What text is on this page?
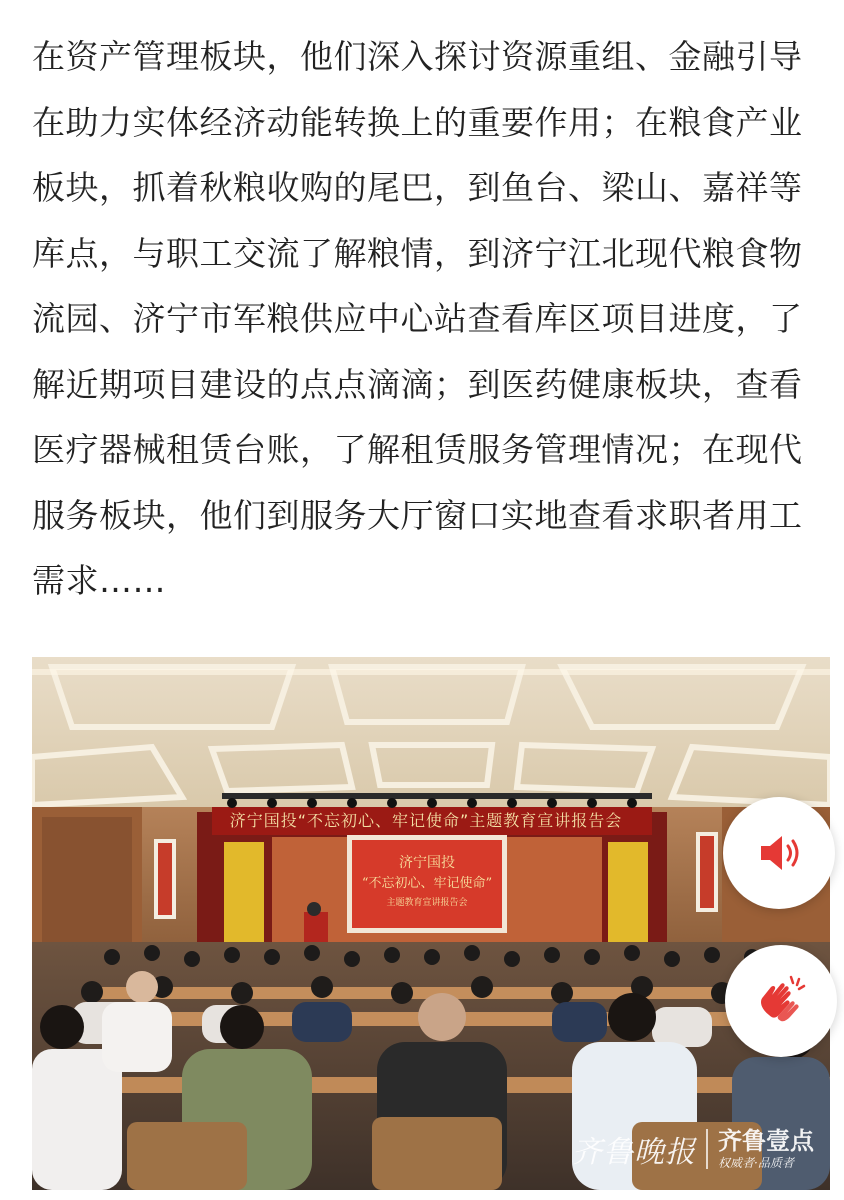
在资产管理板块，他们深入探讨资源重组、金融引导在助力实体经济动能转换上的重要作用；在粮食产业板块，抓着秋粮收购的尾巴，到鱼台、梁山、嘉祥等库点，与职工交流了解粮情，到济宁江北现代粮食物流园、济宁市军粮供应中心站查看库区项目进度，了解近期项目建设的点点滴滴；到医药健康板块，查看医疗器械租赁台账，了解租赁服务管理情况；在现代服务板块，他们到服务大厅窗口实地查看求职者用工需求……

济宁国投“不忘初心、牢记使命”主题教育宣讲报告会
济宁国投
“不忘初心、牢记使命”
主题教育宣讲报告会
齐鲁晚报 齐鲁壹点
权威者·品质者
